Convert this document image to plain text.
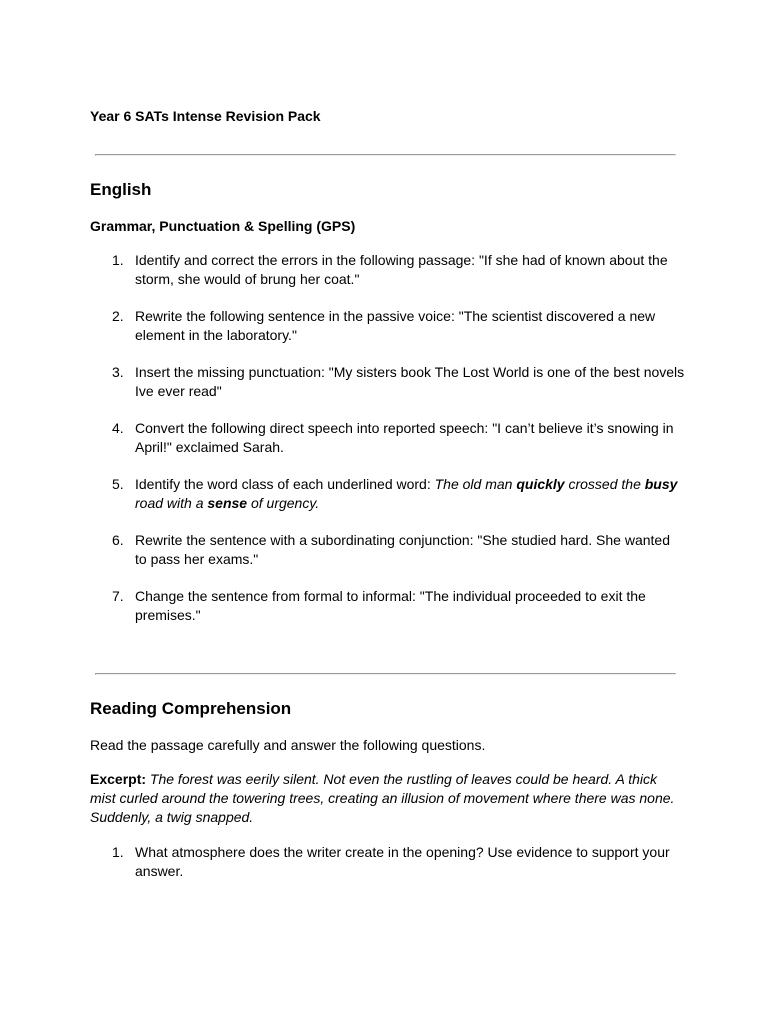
Year 6 SATs Intense Revision Pack

English
Grammar, Punctuation & Spelling (GPS)
1. Identify and correct the errors in the following passage: "If she had of known about the storm, she would of brung her coat."
2. Rewrite the following sentence in the passive voice: "The scientist discovered a new element in the laboratory."
3. Insert the missing punctuation: "My sisters book The Lost World is one of the best novels Ive ever read"
4. Convert the following direct speech into reported speech: "I can’t believe it’s snowing in April!" exclaimed Sarah.
5. Identify the word class of each underlined word: The old man quickly crossed the busy road with a sense of urgency.
6. Rewrite the sentence with a subordinating conjunction: "She studied hard. She wanted to pass her exams."
7. Change the sentence from formal to informal: "The individual proceeded to exit the premises."
Reading Comprehension

Read the passage carefully and answer the following questions.

Excerpt: The forest was eerily silent. Not even the rustling of leaves could be heard. A thick mist curled around the towering trees, creating an illusion of movement where there was none. Suddenly, a twig snapped.

1. What atmosphere does the writer create in the opening? Use evidence to support your answer.
